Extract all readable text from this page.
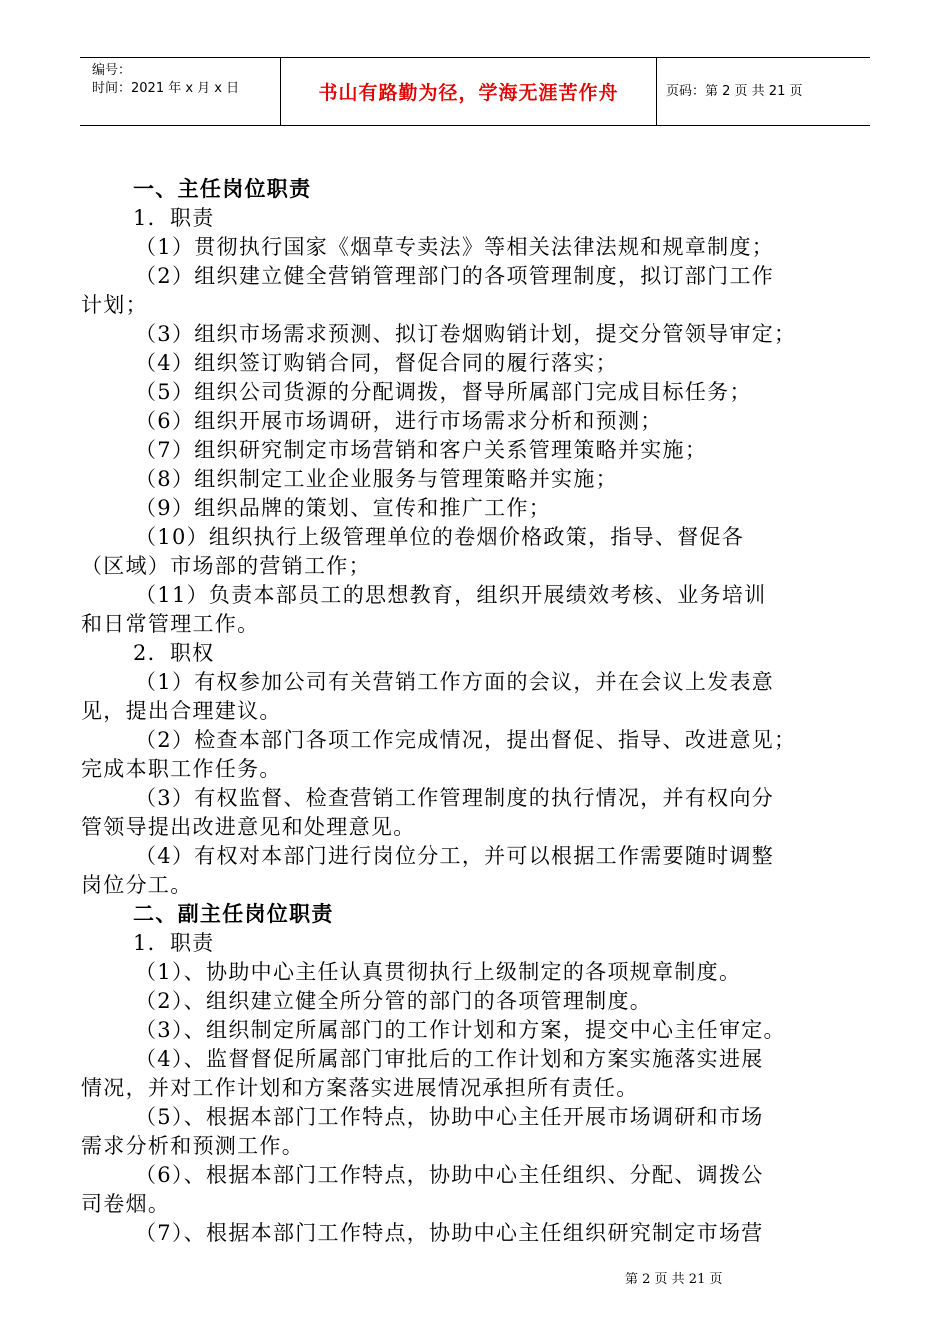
编号：
时间：2021 年 x 月 x 日	书山有路勤为径，学海无涯苦作舟	页码：第 2 页 共 21 页
一、主任岗位职责
1．职责
（1）贯彻执行国家《烟草专卖法》等相关法律法规和规章制度；
（2）组织建立健全营销管理部门的各项管理制度，拟订部门工作
计划；
（3）组织市场需求预测、拟订卷烟购销计划，提交分管领导审定；
（4）组织签订购销合同，督促合同的履行落实；
（5）组织公司货源的分配调拨，督导所属部门完成目标任务；
（6）组织开展市场调研，进行市场需求分析和预测；
（7）组织研究制定市场营销和客户关系管理策略并实施；
（8）组织制定工业企业服务与管理策略并实施；
（9）组织品牌的策划、宣传和推广工作；
（10）组织执行上级管理单位的卷烟价格政策，指导、督促各
（区域）市场部的营销工作；
（11）负责本部员工的思想教育，组织开展绩效考核、业务培训
和日常管理工作。
2．职权
（1）有权参加公司有关营销工作方面的会议，并在会议上发表意
见，提出合理建议。
（2）检查本部门各项工作完成情况，提出督促、指导、改进意见；
完成本职工作任务。
（3）有权监督、检查营销工作管理制度的执行情况，并有权向分
管领导提出改进意见和处理意见。
（4）有权对本部门进行岗位分工，并可以根据工作需要随时调整
岗位分工。
二、副主任岗位职责
1．职责
（1）、协助中心主任认真贯彻执行上级制定的各项规章制度。
（2）、组织建立健全所分管的部门的各项管理制度。
（3）、组织制定所属部门的工作计划和方案，提交中心主任审定。
（4）、监督督促所属部门审批后的工作计划和方案实施落实进展
情况，并对工作计划和方案落实进展情况承担所有责任。
（5）、根据本部门工作特点，协助中心主任开展市场调研和市场
需求分析和预测工作。
（6）、根据本部门工作特点，协助中心主任组织、分配、调拨公
司卷烟。
（7）、根据本部门工作特点，协助中心主任组织研究制定市场营
第 2 页 共 21 页
